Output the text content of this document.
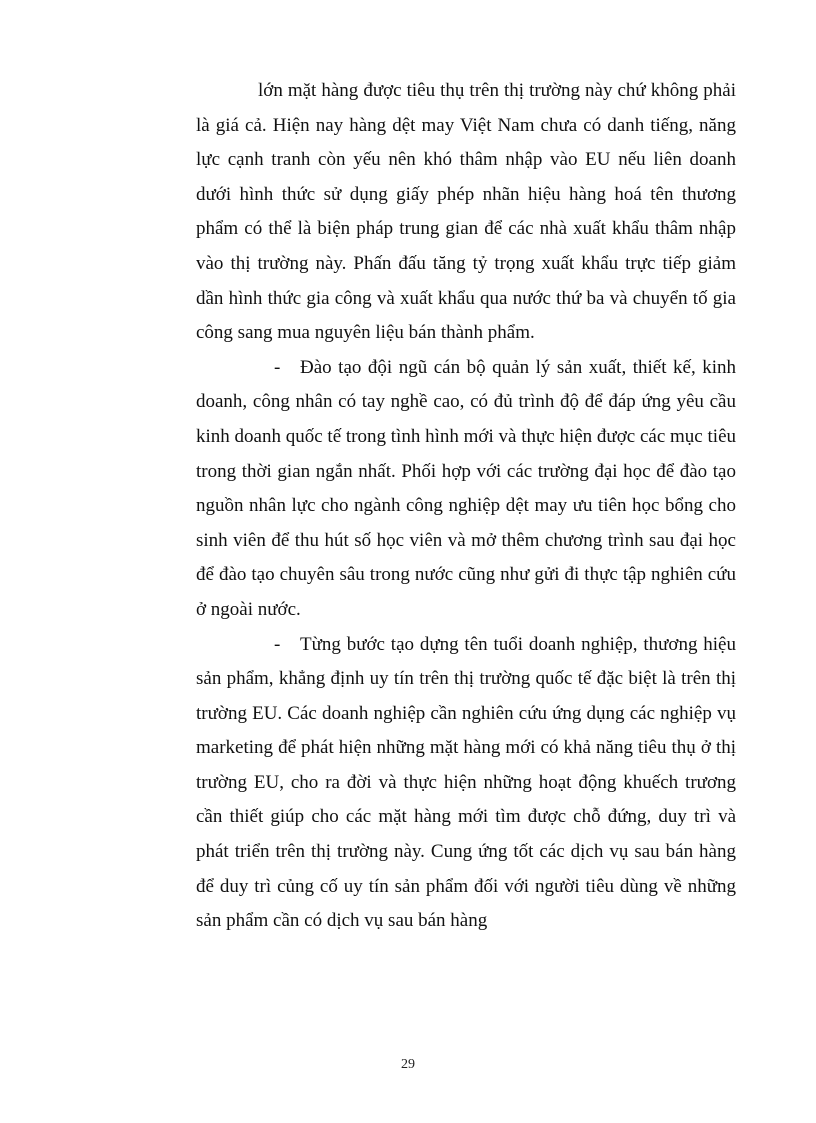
lớn mặt hàng được tiêu thụ trên thị trường này chứ không phải là giá cả. Hiện nay hàng dệt may Việt Nam chưa có danh tiếng, năng lực cạnh tranh còn yếu nên khó thâm nhập vào EU nếu liên doanh dưới hình thức sử dụng giấy phép nhãn hiệu hàng hoá tên thương phẩm có thể là biện pháp trung gian để các nhà xuất khẩu thâm nhập vào thị trường này. Phấn đấu tăng tỷ trọng xuất khẩu trực tiếp giảm dần hình thức gia công và xuất khẩu qua nước thứ ba và chuyển tố gia công sang mua nguyên liệu bán thành phẩm.

- Đào tạo đội ngũ cán bộ quản lý sản xuất, thiết kế, kinh doanh, công nhân có tay nghề cao, có đủ trình độ để đáp ứng yêu cầu kinh doanh quốc tế trong tình hình mới và thực hiện được các mục tiêu trong thời gian ngắn nhất. Phối hợp với các trường đại học để đào tạo nguồn nhân lực cho ngành công nghiệp dệt may ưu tiên học bổng cho sinh viên để thu hút số học viên và mở thêm chương trình sau đại học để đào tạo chuyên sâu trong nước cũng như gửi đi thực tập nghiên cứu ở ngoài nước.

- Từng bước tạo dựng tên tuổi doanh nghiệp, thương hiệu sản phẩm, khẳng định uy tín trên thị trường quốc tế đặc biệt là trên thị trường EU. Các doanh nghiệp cần nghiên cứu ứng dụng các nghiệp vụ marketing để phát hiện những mặt hàng mới có khả năng tiêu thụ ở thị trường EU, cho ra đời và thực hiện những hoạt động khuếch trương cần thiết giúp cho các mặt hàng mới tìm được chỗ đứng, duy trì và phát triển trên thị trường này. Cung ứng tốt các dịch vụ sau bán hàng để duy trì củng cố uy tín sản phẩm đối với người tiêu dùng về những sản phẩm cần có dịch vụ sau bán hàng

29
